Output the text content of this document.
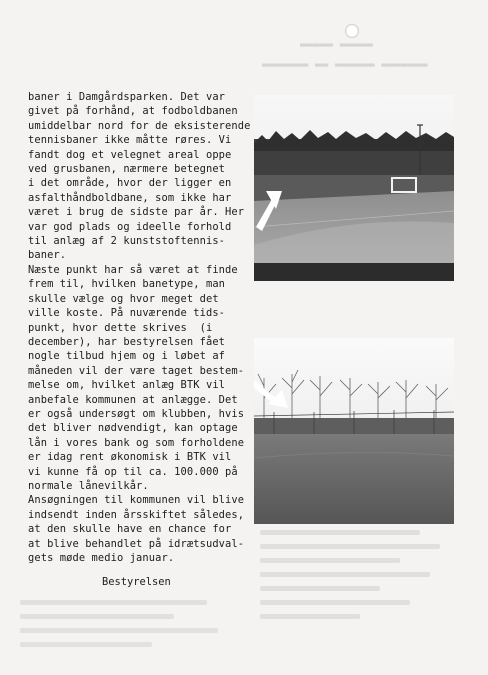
▬▬▬▬▬ ▬▬▬▬▬
▬▬▬▬▬▬▬ ▬▬▬▬▬▬ ▬▬ ▬▬▬▬▬▬▬

baner i Damgårdsparken. Det var

givet på forhånd, at fodboldbanen

umiddelbar nord for de eksisterende

tennisbaner ikke måtte røres. Vi

fandt dog et velegnet areal oppe

ved grusbanen, nærmere betegnet

i det område, hvor der ligger en

asfalthåndboldbane, som ikke har

været i brug de sidste par år. Her

var god plads og ideelle forhold

til anlæg af 2 kunststoftennis-

baner.

Næste punkt har så været at finde

frem til, hvilken banetype, man

skulle vælge og hvor meget det

ville koste. På nuværende tids-

punkt, hvor dette skrives  (i

december), har bestyrelsen fået

nogle tilbud hjem og i løbet af

måneden vil der være taget bestem-

melse om, hvilket anlæg BTK vil

anbefale kommunen at anlægge. Det

er også undersøgt om klubben, hvis

det bliver nødvendigt, kan optage

lån i vores bank og som forholdene

er idag rent økonomisk i BTK vil

vi kunne få op til ca. 100.000 på

normale lånevilkår.

Ansøgningen til kommunen vil blive

indsendt inden årsskiftet således,

at den skulle have en chance for

at blive behandlet på idrætsudval-

gets møde medio januar.

Bestyrelsen
